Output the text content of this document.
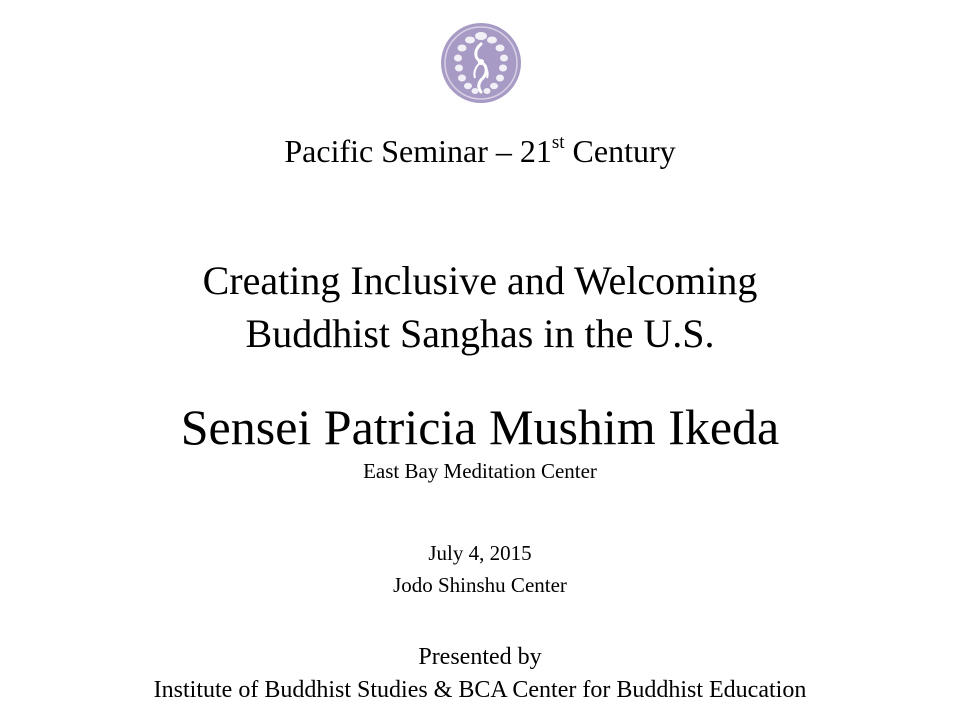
Pacific Seminar – 21st Century
Creating Inclusive and Welcoming
Buddhist Sanghas in the U.S.
Sensei Patricia Mushim Ikeda
East Bay Meditation Center
July 4, 2015
Jodo Shinshu Center
Presented by
Institute of Buddhist Studies & BCA Center for Buddhist Education
